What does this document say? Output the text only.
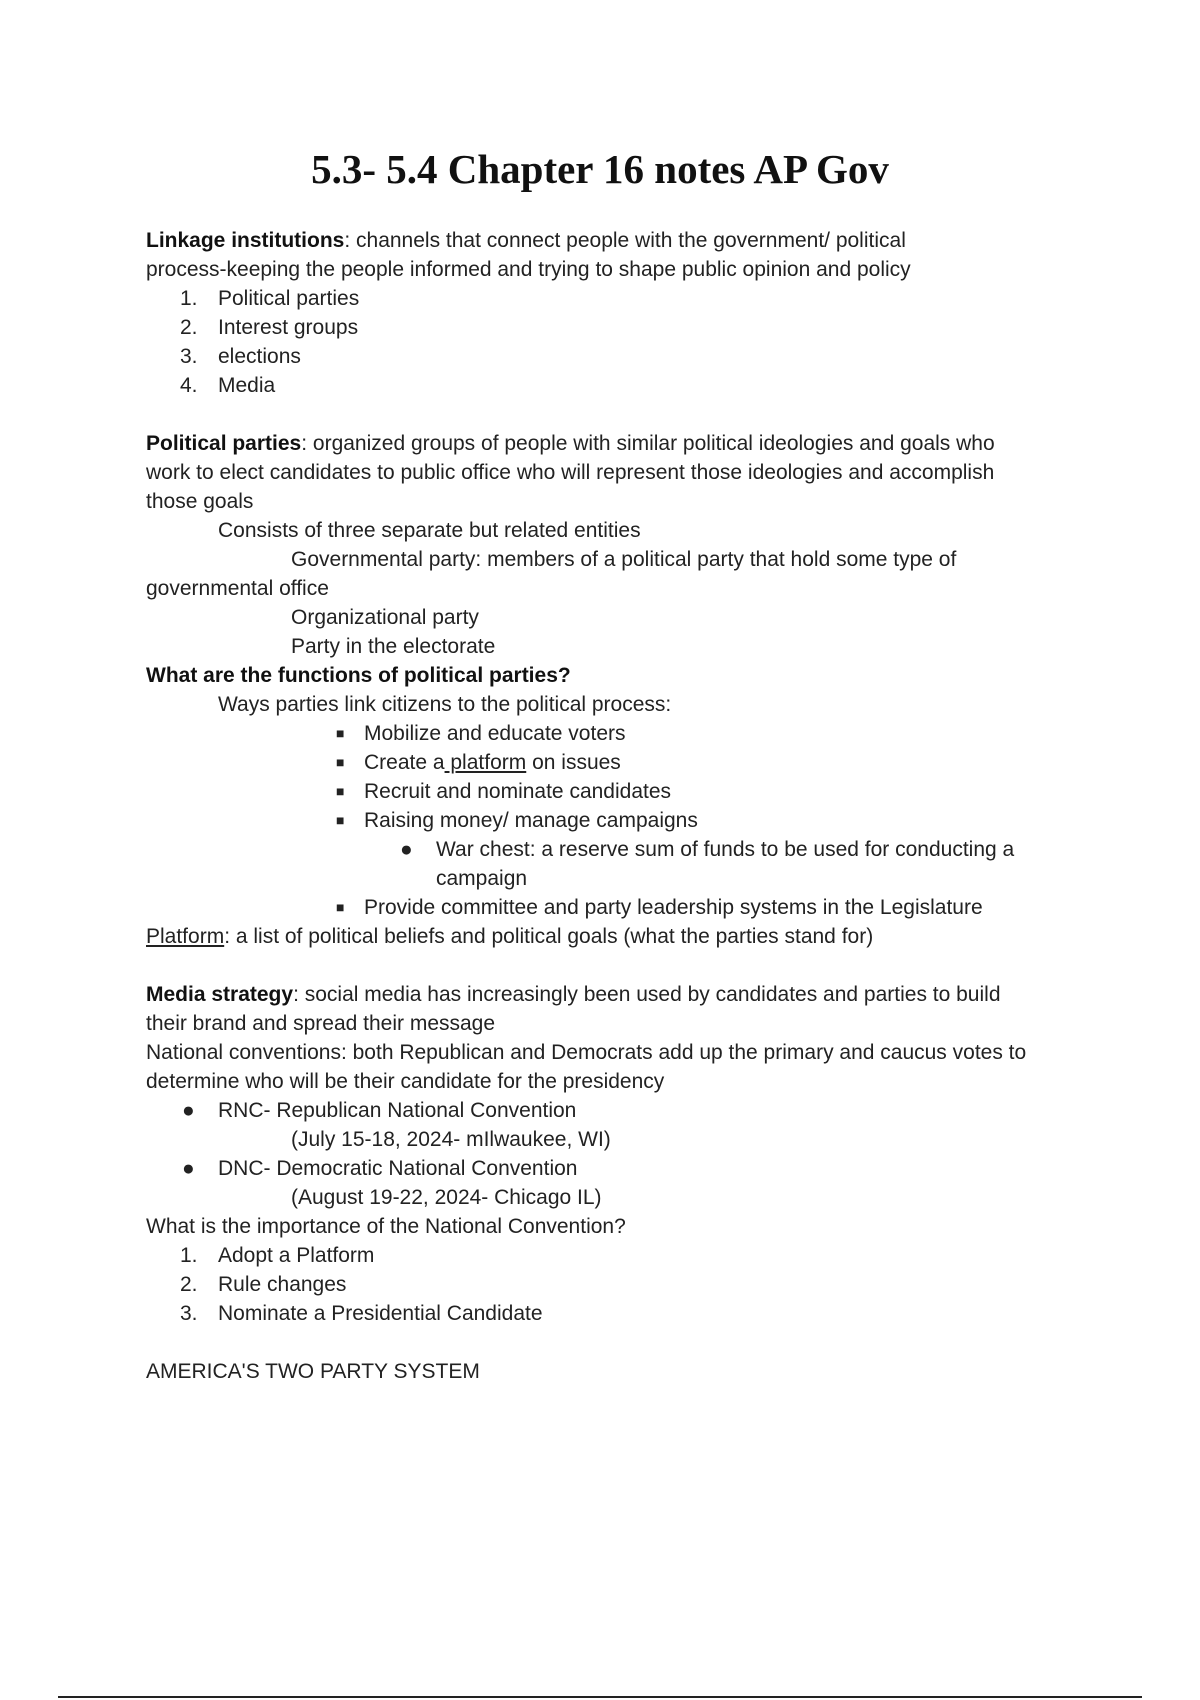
5.3- 5.4 Chapter 16 notes AP Gov

Linkage institutions: channels that connect people with the government/ political

process-keeping the people informed and trying to shape public opinion and policy

1. Political parties

2. Interest groups

3. elections

4. Media

Political parties: organized groups of people with similar political ideologies and goals who

work to elect candidates to public office who will represent those ideologies and accomplish

those goals

Consists of three separate but related entities

Governmental party: members of a political party that hold some type of

governmental office

Organizational party

Party in the electorate

What are the functions of political parties?

Ways parties link citizens to the political process:

■ Mobilize and educate voters

■ Create a platform on issues

■ Recruit and nominate candidates

■ Raising money/ manage campaigns

● War chest: a reserve sum of funds to be used for conducting a campaign

■ Provide committee and party leadership systems in the Legislature

Platform: a list of political beliefs and political goals (what the parties stand for)

Media strategy: social media has increasingly been used by candidates and parties to build

their brand and spread their message

National conventions: both Republican and Democrats add up the primary and caucus votes to

determine who will be their candidate for the presidency

● RNC- Republican National Convention

(July 15-18, 2024- mIlwaukee, WI)

● DNC- Democratic National Convention

(August 19-22, 2024- Chicago IL)

What is the importance of the National Convention?

1. Adopt a Platform

2. Rule changes

3. Nominate a Presidential Candidate

AMERICA'S TWO PARTY SYSTEM
